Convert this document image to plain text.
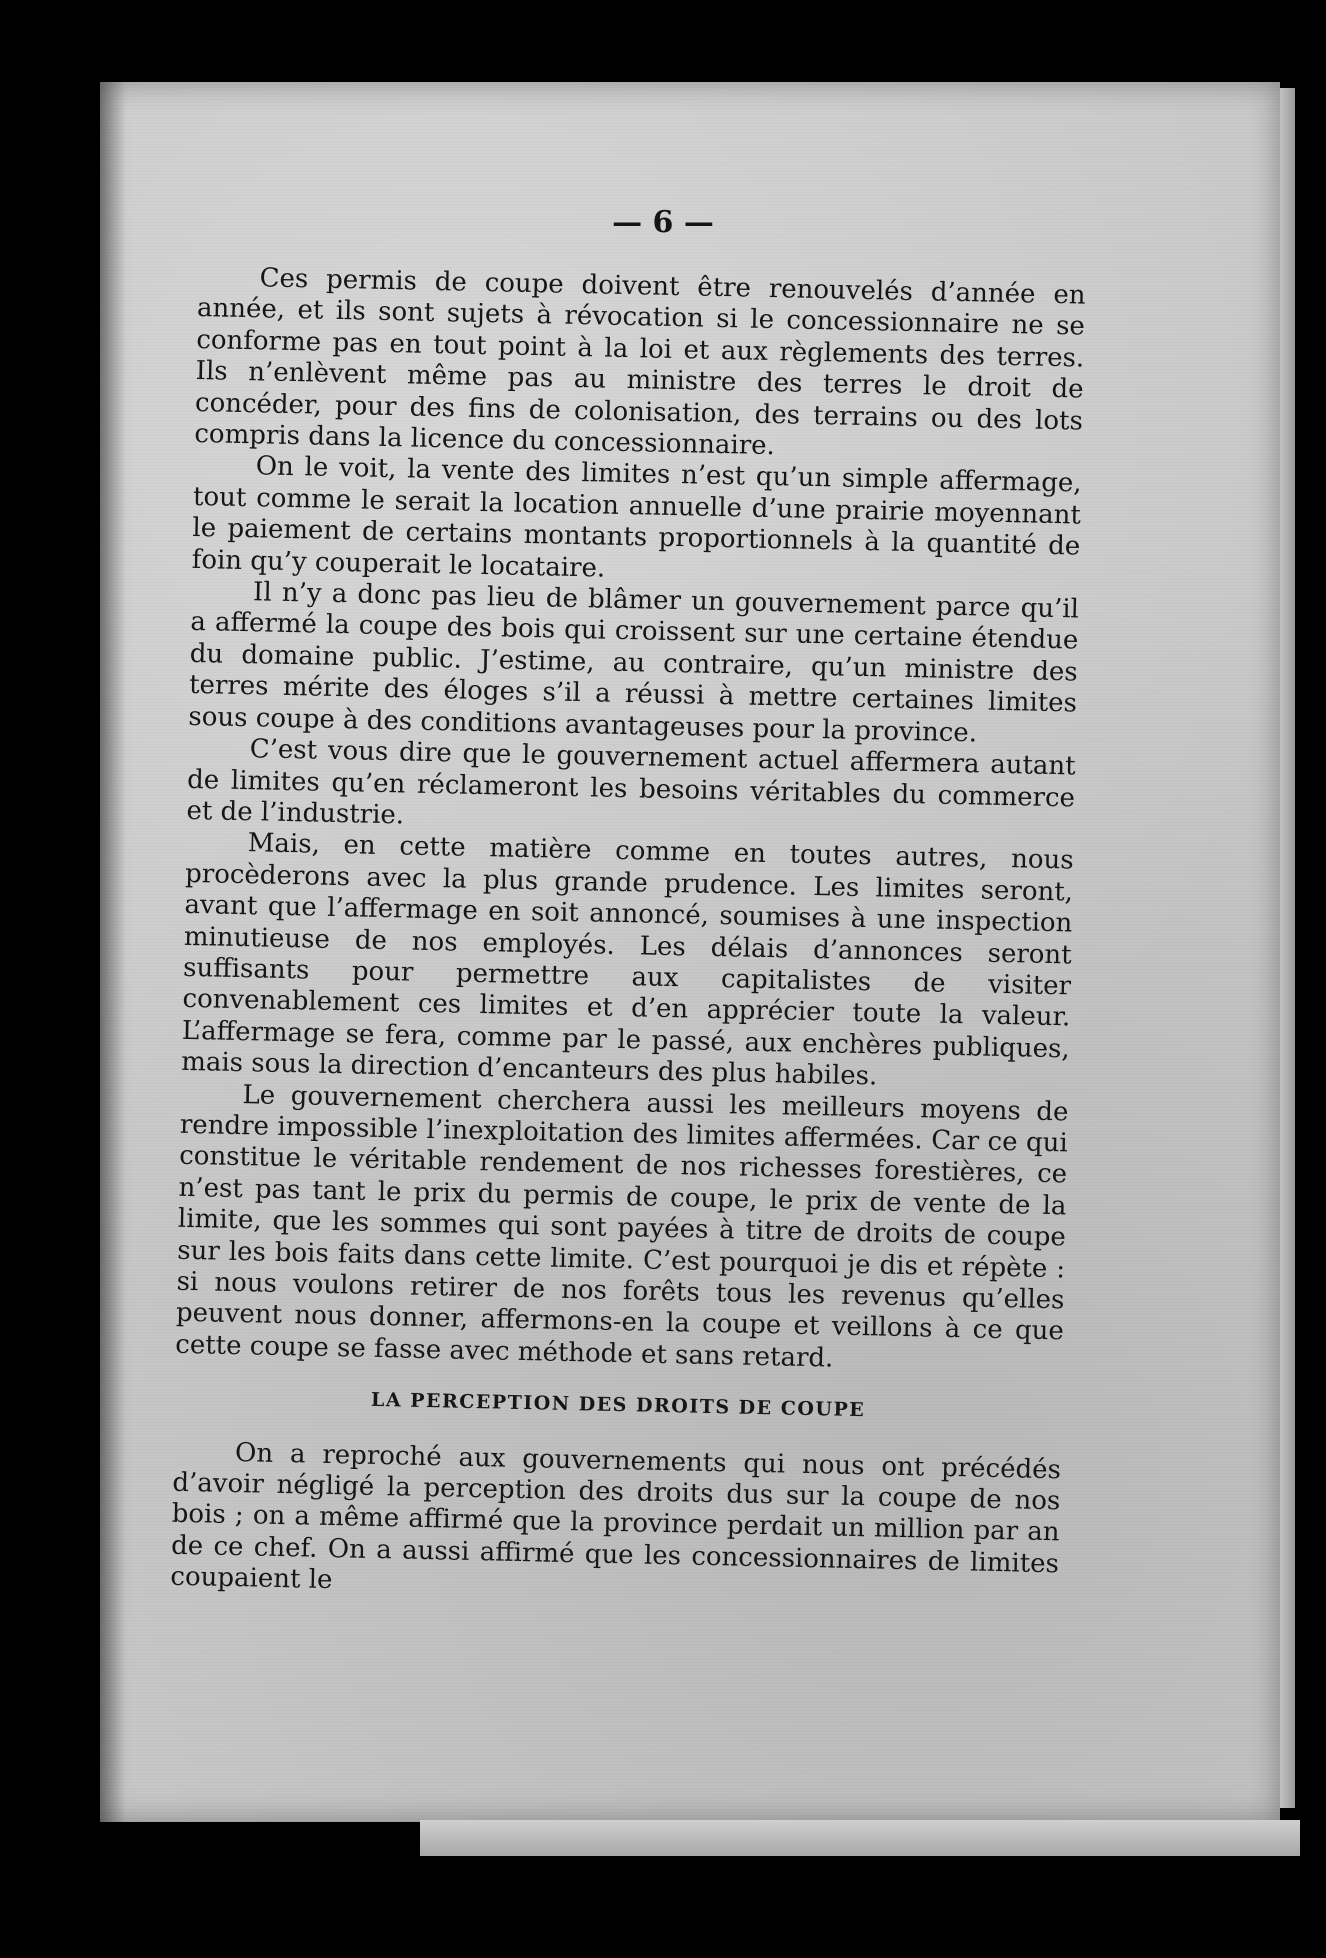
— 6 —

Ces permis de coupe doivent être renouvelés d’année en année, et ils sont sujets à révocation si le concessionnaire ne se conforme pas en tout point à la loi et aux règlements des terres. Ils n’enlèvent même pas au ministre des terres le droit de concéder, pour des fins de colonisation, des terrains ou des lots compris dans la licence du concessionnaire.

On le voit, la vente des limites n’est qu’un simple affermage, tout comme le serait la location annuelle d’une prairie moyennant le paiement de certains montants proportionnels à la quantité de foin qu’y couperait le locataire.

Il n’y a donc pas lieu de blâmer un gouvernement parce qu’il a affermé la coupe des bois qui croissent sur une certaine étendue du domaine public. J’estime, au contraire, qu’un ministre des terres mérite des éloges s’il a réussi à mettre certaines limites sous coupe à des conditions avantageuses pour la province.

C’est vous dire que le gouvernement actuel affermera autant de limites qu’en réclameront les besoins véritables du commerce et de l’industrie.

Mais, en cette matière comme en toutes autres, nous procèderons avec la plus grande prudence. Les limites seront, avant que l’affermage en soit annoncé, soumises à une inspection minutieuse de nos employés. Les délais d’annonces seront suffisants pour permettre aux capitalistes de visiter convenablement ces limites et d’en apprécier toute la valeur. L’affermage se fera, comme par le passé, aux enchères publiques, mais sous la direction d’encanteurs des plus habiles.

Le gouvernement cherchera aussi les meilleurs moyens de rendre impossible l’inexploitation des limites affermées. Car ce qui constitue le véritable rendement de nos richesses forestières, ce n’est pas tant le prix du permis de coupe, le prix de vente de la limite, que les sommes qui sont payées à titre de droits de coupe sur les bois faits dans cette limite. C’est pourquoi je dis et répète : si nous voulons retirer de nos forêts tous les revenus qu’elles peuvent nous donner, affermons-en la coupe et veillons à ce que cette coupe se fasse avec méthode et sans retard.

LA PERCEPTION DES DROITS DE COUPE

On a reproché aux gouvernements qui nous ont précédés d’avoir négligé la perception des droits dus sur la coupe de nos bois ; on a même affirmé que la province perdait un million par an de ce chef. On a aussi affirmé que les concessionnaires de limites coupaient le
